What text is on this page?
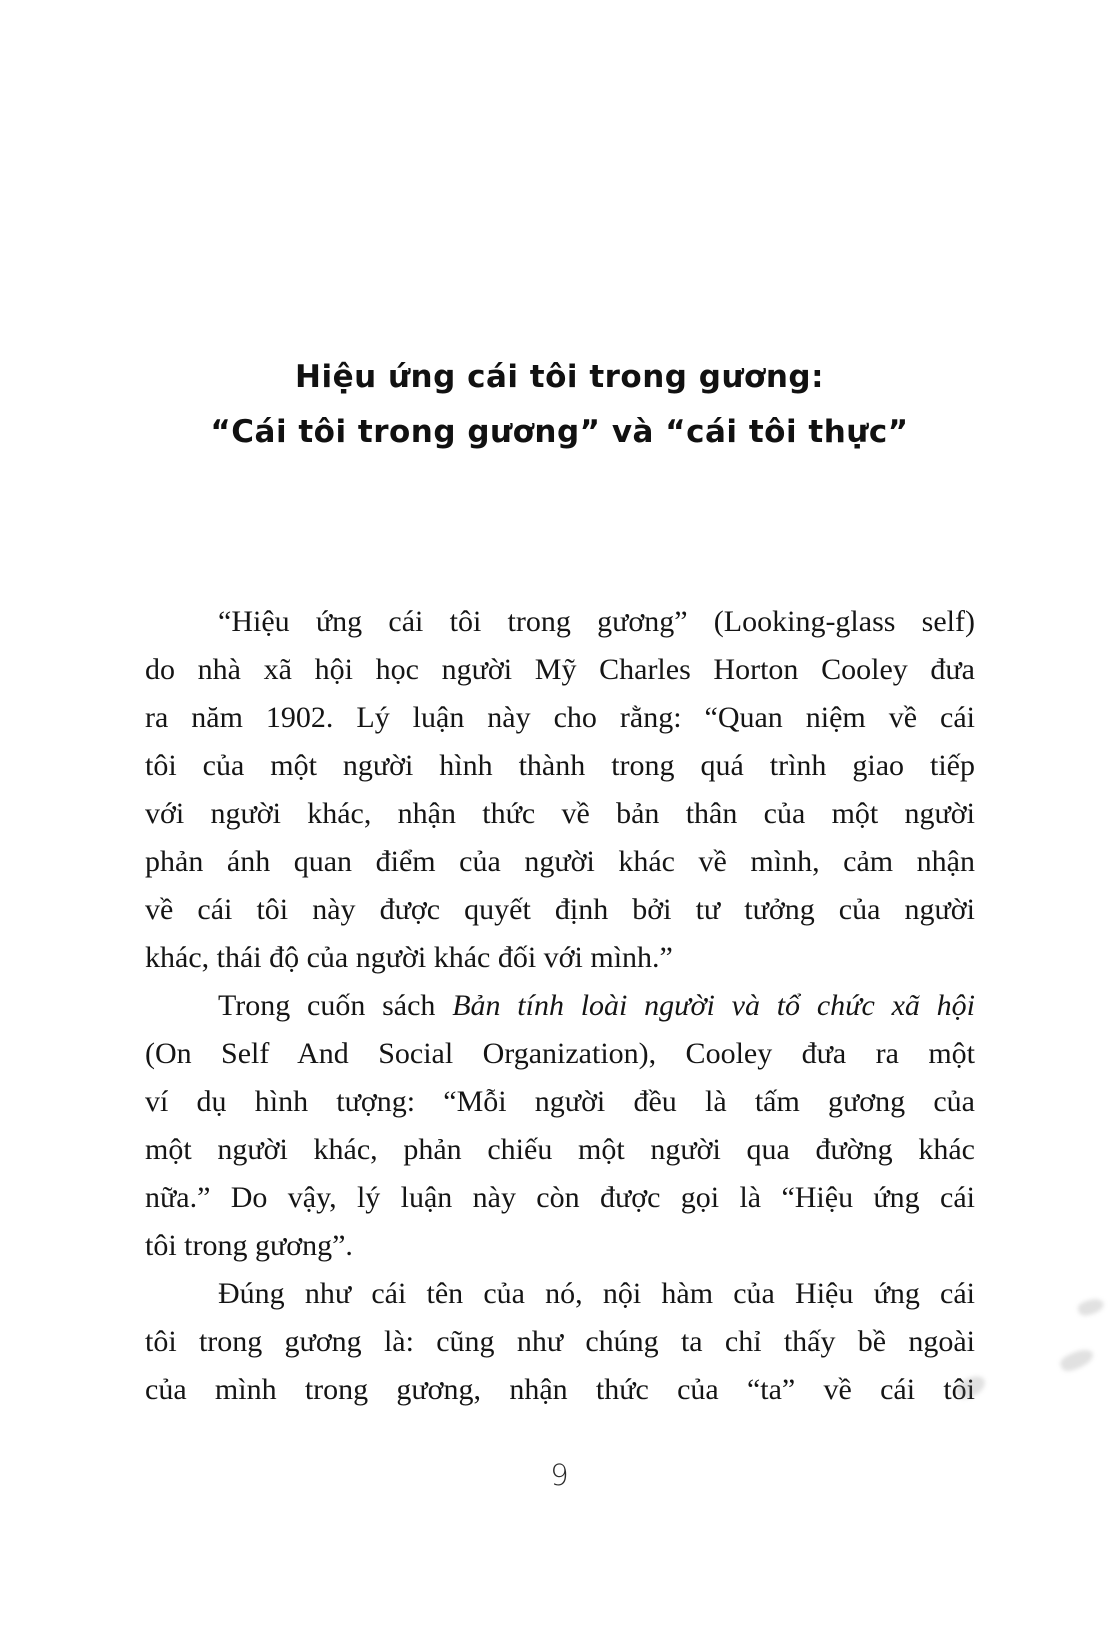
Hiệu ứng cái tôi trong gương:
“Cái tôi trong gương” và “cái tôi thực”
“Hiệu ứng cái tôi trong gương” (Looking-glass self)
do nhà xã hội học người Mỹ Charles Horton Cooley đưa
ra năm 1902. Lý luận này cho rằng: “Quan niệm về cái
tôi của một người hình thành trong quá trình giao tiếp
với người khác, nhận thức về bản thân của một người
phản ánh quan điểm của người khác về mình, cảm nhận
về cái tôi này được quyết định bởi tư tưởng của người
khác, thái độ của người khác đối với mình.”
Trong cuốn sách Bản tính loài người và tổ chức xã hội
(On Self And Social Organization), Cooley đưa ra một
ví dụ hình tượng: “Mỗi người đều là tấm gương của
một người khác, phản chiếu một người qua đường khác
nữa.” Do vậy, lý luận này còn được gọi là “Hiệu ứng cái
tôi trong gương”.
Đúng như cái tên của nó, nội hàm của Hiệu ứng cái
tôi trong gương là: cũng như chúng ta chỉ thấy bề ngoài
của mình trong gương, nhận thức của “ta” về cái tôi
9
